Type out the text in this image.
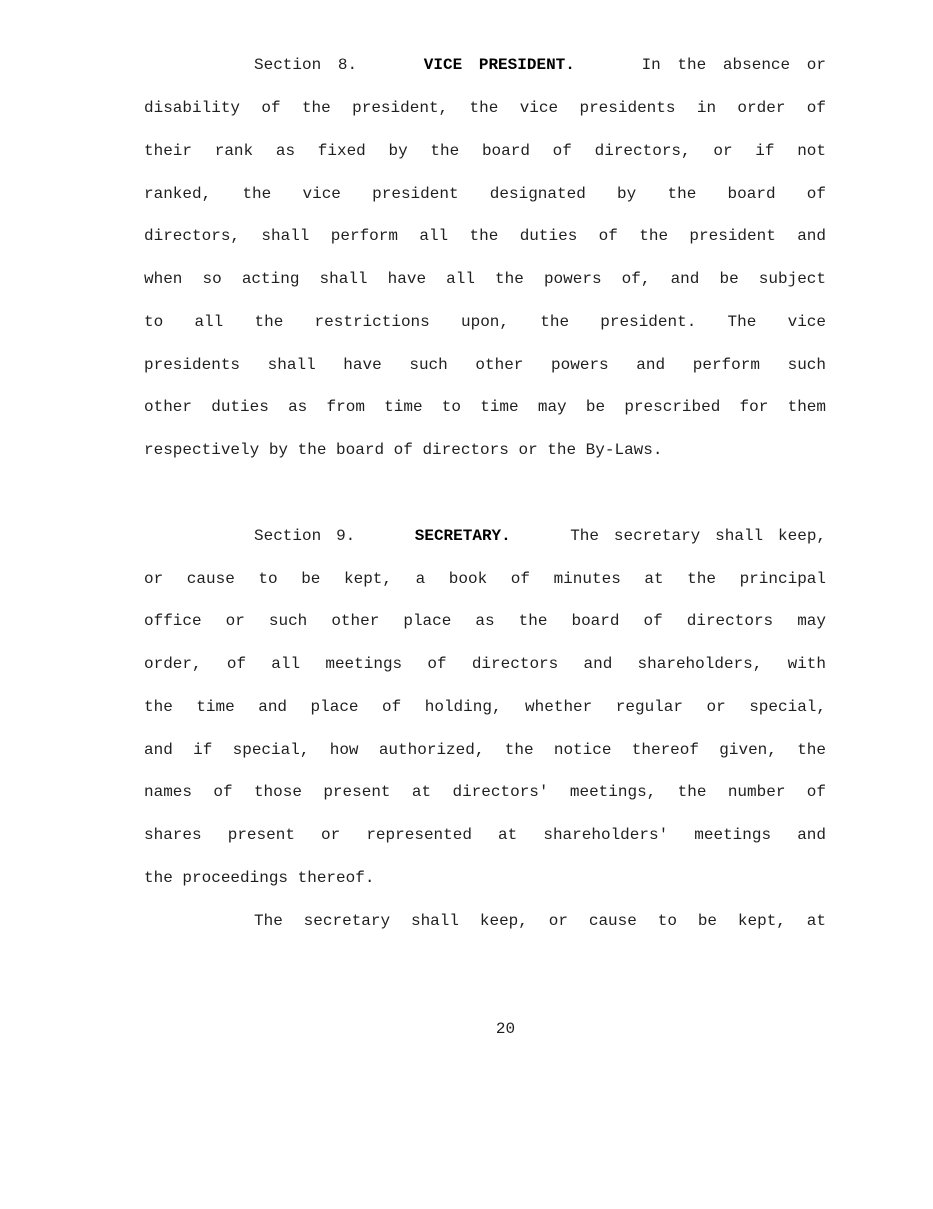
Section 8.	VICE PRESIDENT.	In the absence or
disability of the president, the vice presidents in order of
their rank as fixed by the board of directors, or if not
ranked, the vice president designated by the board of
directors, shall perform all the duties of the president and
when so acting shall have all the powers of, and be subject
to all the restrictions upon, the president. The vice
presidents shall have such other powers and perform such
other duties as from time to time may be prescribed for them
respectively by the board of directors or the By-Laws.
Section 9.	SECRETARY.	The secretary shall keep,
or cause to be kept, a book of minutes at the principal
office or such other place as the board of directors may
order, of all meetings of directors and shareholders, with
the time and place of holding, whether regular or special,
and if special, how authorized, the notice thereof given, the
names of those present at directors' meetings, the number of
shares present or represented at shareholders' meetings and
the proceedings thereof.
The secretary shall keep, or cause to be kept, at
20
